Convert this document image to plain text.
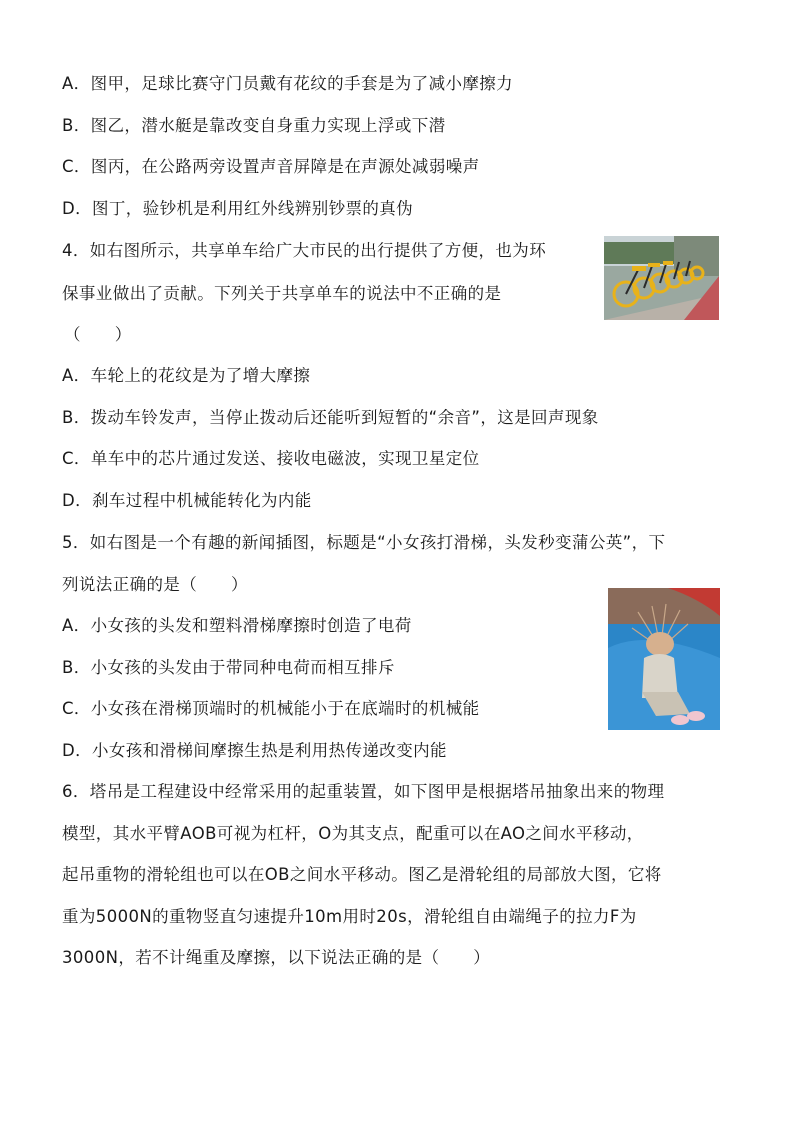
A．图甲，足球比赛守门员戴有花纹的手套是为了减小摩擦力
B．图乙，潜水艇是靠改变自身重力实现上浮或下潜
C．图丙，在公路两旁设置声音屏障是在声源处减弱噪声
D．图丁，验钞机是利用红外线辨别钞票的真伪
4．如右图所示，共享单车给广大市民的出行提供了方便，也为环
保事业做出了贡献。下列关于共享单车的说法中不正确的是
（　　）
A．车轮上的花纹是为了增大摩擦
B．拨动车铃发声，当停止拨动后还能听到短暂的“余音”，这是回声现象
C．单车中的芯片通过发送、接收电磁波，实现卫星定位
D．刹车过程中机械能转化为内能
5．如右图是一个有趣的新闻插图，标题是“小女孩打滑梯，头发秒变蒲公英”，下
列说法正确的是（　　）
A．小女孩的头发和塑料滑梯摩擦时创造了电荷
B．小女孩的头发由于带同种电荷而相互排斥
C．小女孩在滑梯顶端时的机械能小于在底端时的机械能
D．小女孩和滑梯间摩擦生热是利用热传递改变内能
6．塔吊是工程建设中经常采用的起重装置，如下图甲是根据塔吊抽象出来的物理
模型，其水平臂AOB可视为杠杆，O为其支点，配重可以在AO之间水平移动，
起吊重物的滑轮组也可以在OB之间水平移动。图乙是滑轮组的局部放大图，它将
重为5000N的重物竖直匀速提升10m用时20s，滑轮组自由端绳子的拉力F为
3000N，若不计绳重及摩擦，以下说法正确的是（　　）
